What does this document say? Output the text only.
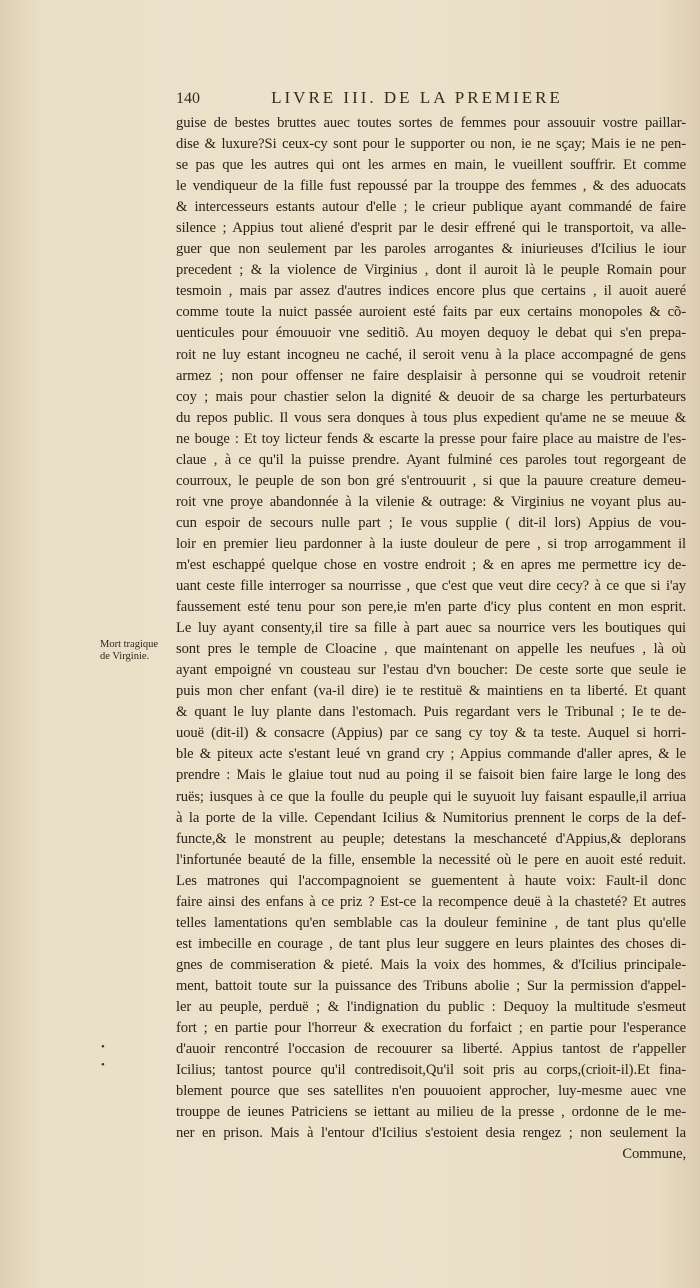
140	LIVRE III. DE LA PREMIERE
Mort tragique
de Virginie.
•
•
guise de bestes bruttes auec toutes sortes de femmes pour assouuir vostre paillar-
dise & luxure?Si ceux-cy sont pour le supporter ou non, ie ne sçay; Mais ie ne pen-
se pas que les autres qui ont les armes en main, le vueillent souffrir. Et comme
le vendiqueur de la fille fust repoussé par la trouppe des femmes , & des aduocats
& intercesseurs estants autour d'elle ; le crieur publique ayant commandé de faire
silence ; Appius tout aliené d'esprit par le desir effrené qui le transportoit, va alle-
guer que non seulement par les paroles arrogantes & iniurieuses d'Icilius le iour
precedent ; & la violence de Virginius , dont il auroit là le peuple Romain pour
tesmoin , mais par assez d'autres indices encore plus que certains , il auoit aueré
comme toute la nuict passée auroient esté faits par eux certains monopoles & cõ-
uenticules pour émouuoir vne seditiõ. Au moyen dequoy le debat qui s'en prepa-
roit ne luy estant incogneu ne caché, il seroit venu à la place accompagné de gens
armez ; non pour offenser ne faire desplaisir à personne qui se voudroit retenir
coy ; mais pour chastier selon la dignité & deuoir de sa charge les perturbateurs
du repos public. Il vous sera donques à tous plus expedient qu'ame ne se meuue &
ne bouge : Et toy licteur fends & escarte la presse pour faire place au maistre de l'es-
claue , à ce qu'il la puisse prendre. Ayant fulminé ces paroles tout regorgeant de
courroux, le peuple de son bon gré s'entrouurit , si que la pauure creature demeu-
roit vne proye abandonnée à la vilenie & outrage: & Virginius ne voyant plus au-
cun espoir de secours nulle part ; Ie vous supplie ( dit-il lors) Appius de vou-
loir en premier lieu pardonner à la iuste douleur de pere , si trop arrogamment il
m'est eschappé quelque chose en vostre endroit ; & en apres me permettre icy de-
uant ceste fille interroger sa nourrisse , que c'est que veut dire cecy? à ce que si i'ay
faussement esté tenu pour son pere,ie m'en parte d'icy plus content en mon esprit.
Le luy ayant consenty,il tire sa fille à part auec sa nourrice vers les boutiques qui
sont pres le temple de Cloacine , que maintenant on appelle les neufues , là où
ayant empoigné vn cousteau sur l'estau d'vn boucher: De ceste sorte que seule ie
puis mon cher enfant (va-il dire) ie te restituë & maintiens en ta liberté. Et quant
& quant le luy plante dans l'estomach. Puis regardant vers le Tribunal ; Ie te de-
uouë (dit-il) & consacre (Appius) par ce sang cy toy & ta teste. Auquel si horri-
ble & piteux acte s'estant leué vn grand cry ; Appius commande d'aller apres, & le
prendre : Mais le glaiue tout nud au poing il se faisoit bien faire large le long des
ruës; iusques à ce que la foulle du peuple qui le suyuoit luy faisant espaulle,il arriua
à la porte de la ville. Cependant Icilius & Numitorius prennent le corps de la def-
functe,& le monstrent au peuple; detestans la meschanceté d'Appius,& deplorans
l'infortunée beauté de la fille, ensemble la necessité où le pere en auoit esté reduit.
Les matrones qui l'accompagnoient se guementent à haute voix: Fault-il donc
faire ainsi des enfans à ce priz ? Est-ce la recompence deuë à la chasteté? Et autres
telles lamentations qu'en semblable cas la douleur feminine , de tant plus qu'elle
est imbecille en courage , de tant plus leur suggere en leurs plaintes des choses di-
gnes de commiseration & pieté. Mais la voix des hommes, & d'Icilius principale-
ment, battoit toute sur la puissance des Tribuns abolie ; Sur la permission d'appel-
ler au peuple, perduë ; & l'indignation du public : Dequoy la multitude s'esmeut
fort ; en partie pour l'horreur & execration du forfaict ; en partie pour l'esperance
d'auoir rencontré l'occasion de recouurer sa liberté. Appius tantost de r'appeller
Icilius; tantost pource qu'il contredisoit,Qu'il soit pris au corps,(crioit-il).Et fina-
blement pource que ses satellites n'en pouuoient approcher, luy-mesme auec vne
trouppe de ieunes Patriciens se iettant au milieu de la presse , ordonne de le me-
ner en prison. Mais à l'entour d'Icilius s'estoient desia rengez ; non seulement la
Commune,
